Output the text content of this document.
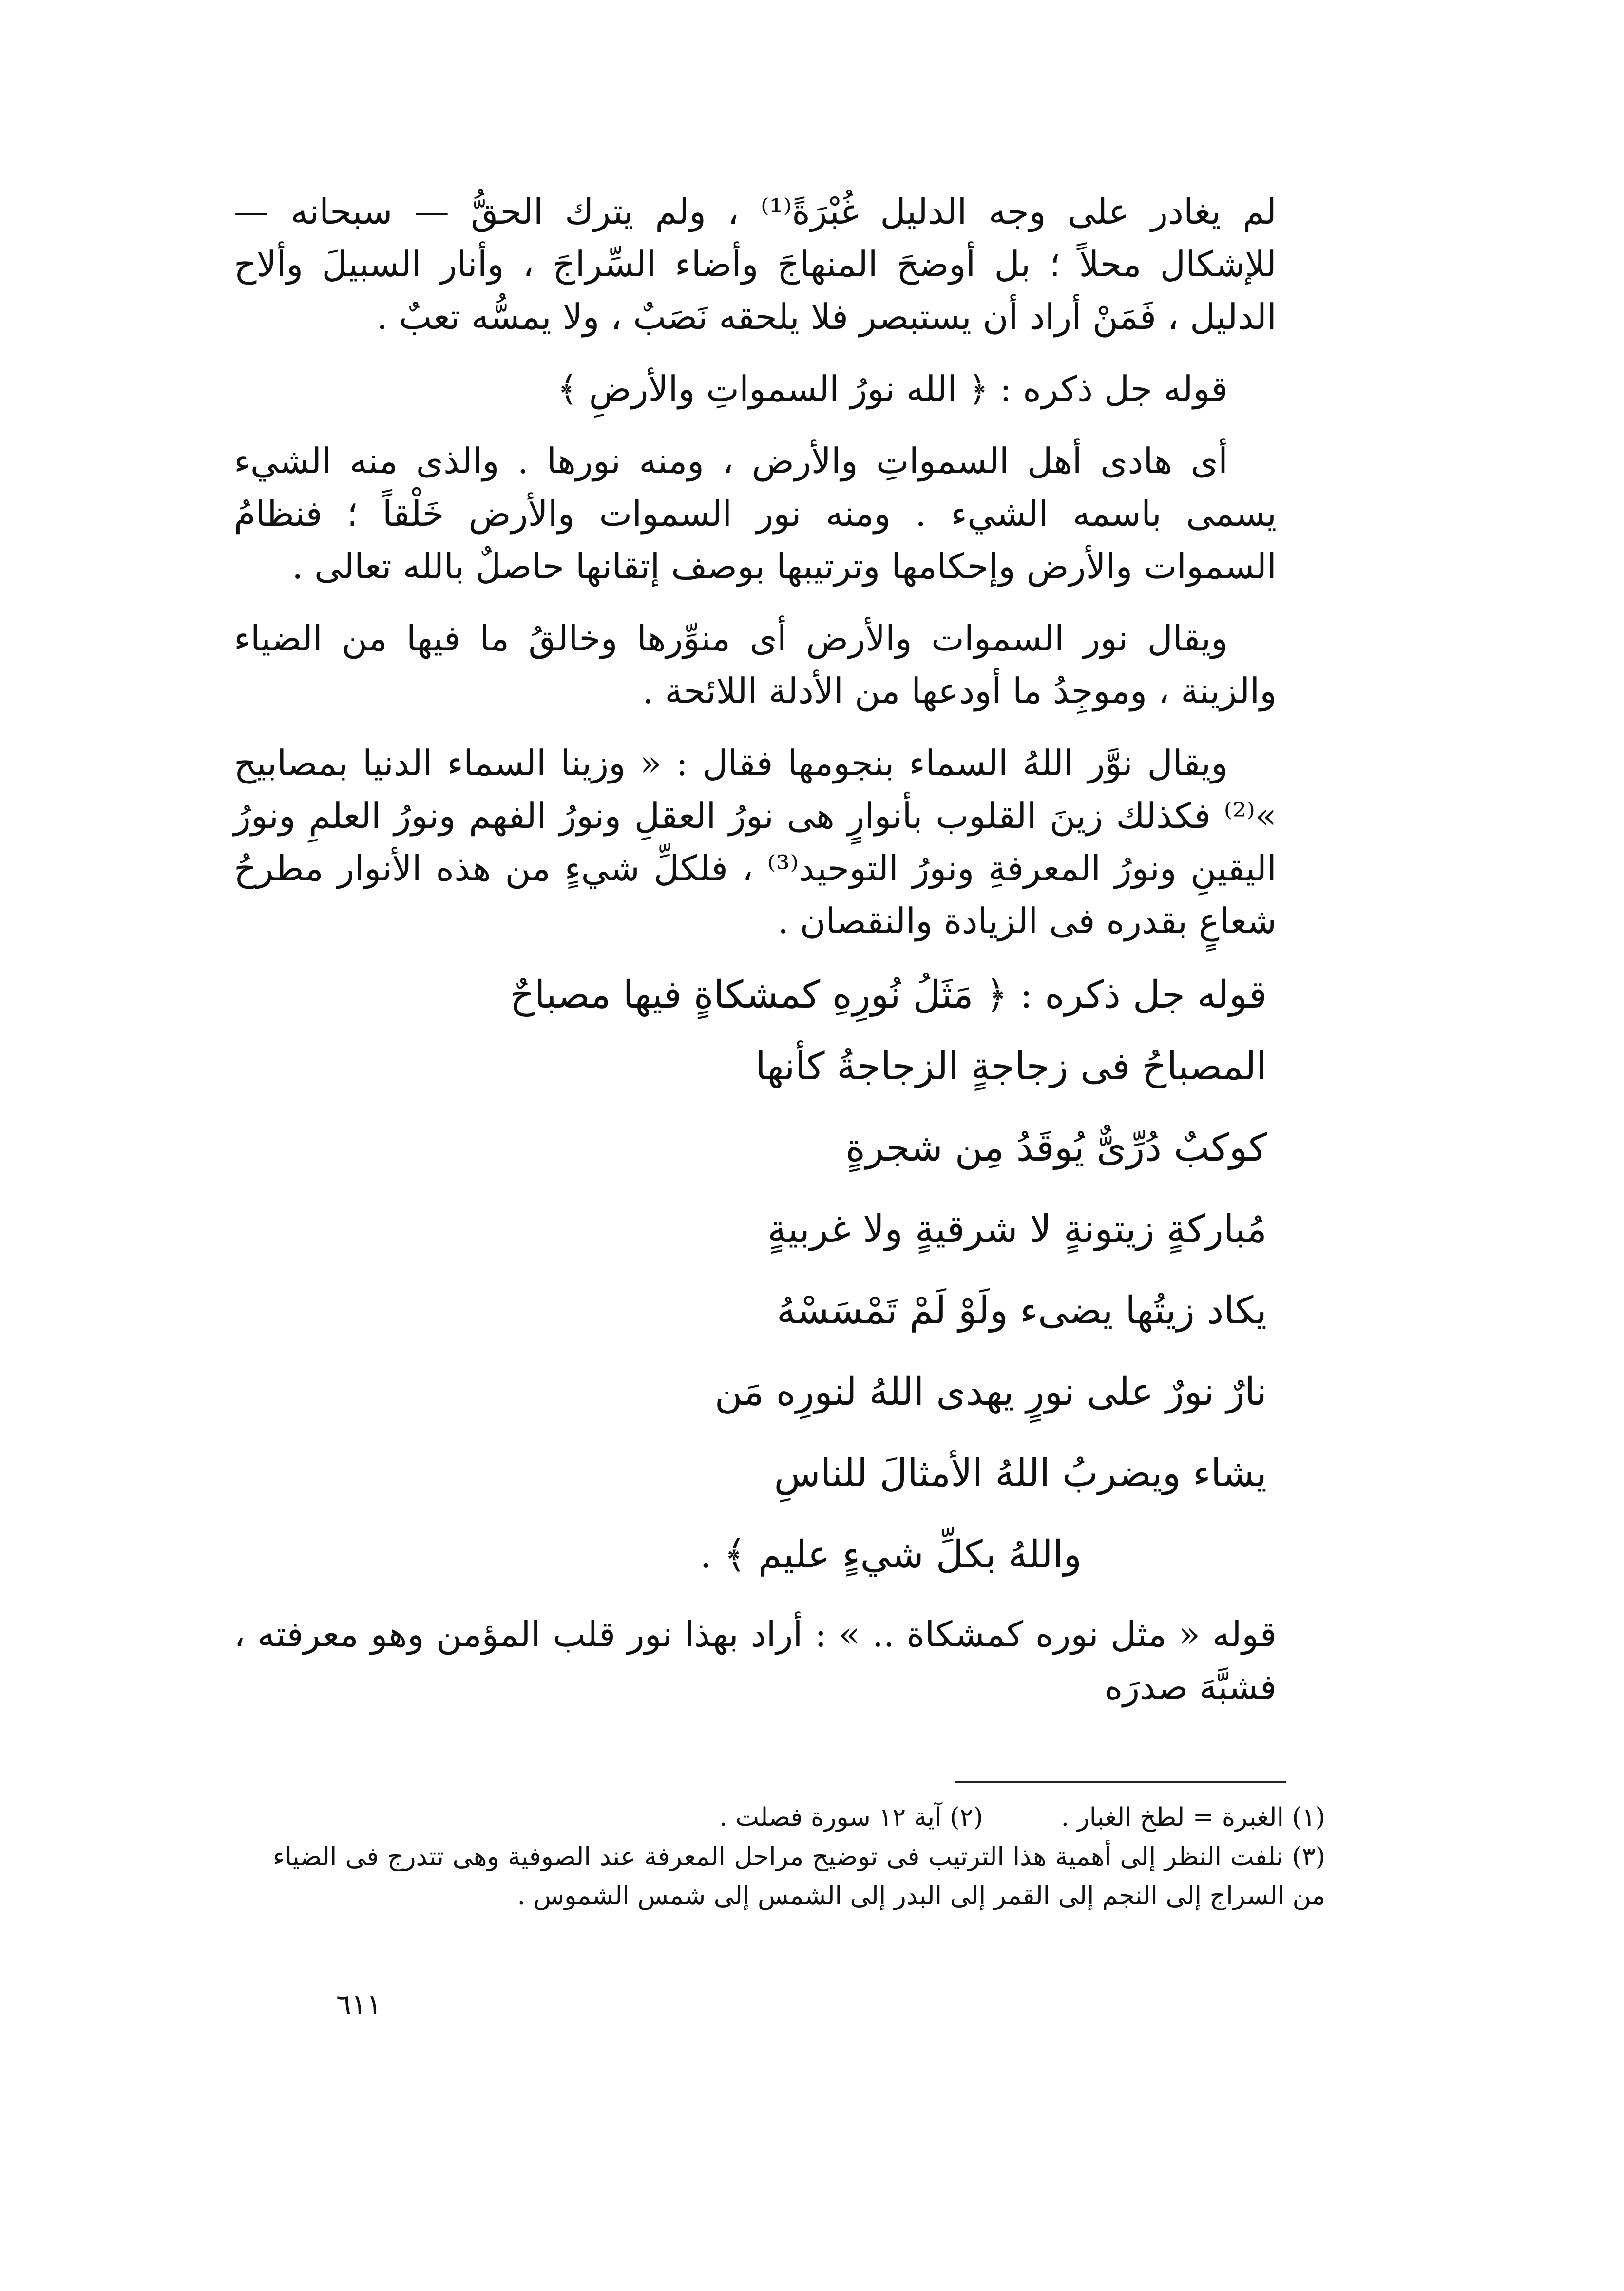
لم يغادر على وجه الدليل غُبْرَةً⁽¹⁾ ، ولم يترك الحقُّ — سبحانه — للإشكال محلاً ؛ بل أوضحَ المنهاجَ وأضاء السِّراجَ ، وأنار السبيلَ وألاح الدليل ، فَمَنْ أراد أن يستبصر فلا يلحقه نَصَبٌ ، ولا يمسُّه تعبٌ .

قوله جل ذكره : ﴿ الله نورُ السمواتِ والأرضِ ﴾

أى هادى أهل السمواتِ والأرض ، ومنه نورها . والذى منه الشيء يسمى باسمه الشيء . ومنه نور السموات والأرض خَلْقاً ؛ فنظامُ السموات والأرض وإحكامها وترتيبها بوصف إتقانها حاصلٌ بالله تعالى .

ويقال نور السموات والأرض أى منوِّرها وخالقُ ما فيها من الضياء والزينة ، وموجِدُ ما أودعها من الأدلة اللائحة .

ويقال نوَّر اللهُ السماء بنجومها فقال : « وزينا السماء الدنيا بمصابيح »⁽²⁾ فكذلك زينَ القلوب بأنوارٍ هى نورُ العقلِ ونورُ الفهم ونورُ العلمِ ونورُ اليقينِ ونورُ المعرفةِ ونورُ التوحيد⁽³⁾ ، فلكلِّ شيءٍ من هذه الأنوار مطرحُ شعاعٍ بقدره فى الزيادة والنقصان .

قوله جل ذكره : ﴿ مَثَلُ نُورِهِ كمشكاةٍ فيها مصباحٌ
المصباحُ فى زجاجةٍ الزجاجةُ كأنها
كوكبٌ دُرِّىٌّ يُوقَدُ مِن شجرةٍ
مُباركةٍ زيتونةٍ لا شرقيةٍ ولا غربيةٍ
يكاد زيتُها يضىء ولَوْ لَمْ تَمْسَسْهُ
نارٌ نورٌ على نورٍ يهدى اللهُ لنورِه مَن
يشاء ويضربُ اللهُ الأمثالَ للناسِ
واللهُ بكلِّ شيءٍ عليم ﴾ .

قوله « مثل نوره كمشكاة .. » : أراد بهذا نور قلب المؤمن وهو معرفته ، فشبَّهَ صدرَه

(١) الغبرة = لطخ الغبار .

(٢) آية ١٢ سورة فصلت .

(٣) نلفت النظر إلى أهمية هذا الترتيب فى توضيح مراحل المعرفة عند الصوفية وهى تتدرج فى الضياء من السراج إلى النجم إلى القمر إلى البدر إلى الشمس إلى شمس الشموس .

٦١١
